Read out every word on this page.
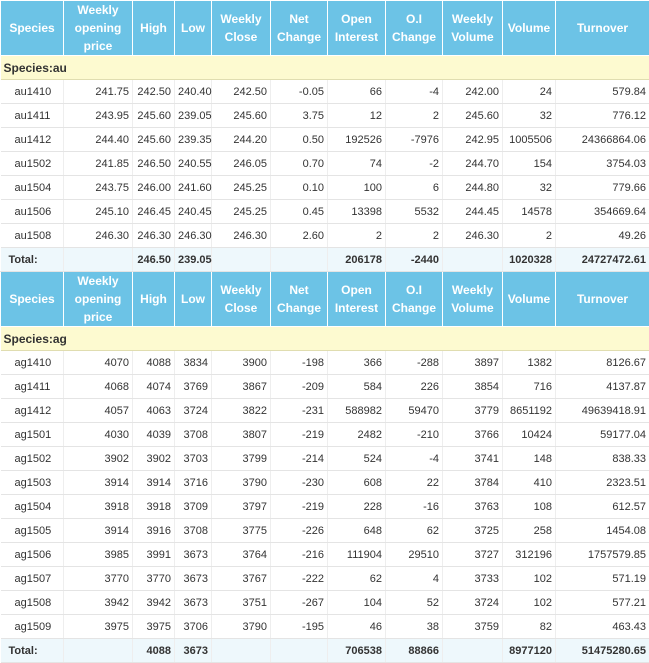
Species	Weekly opening price	High	Low	Weekly Close	Net Change	Open Interest	O.I Change	Weekly Volume	Volume	Turnover
Species:au										
au1410	241.75	242.50	240.40	242.50	-0.05	66	-4	242.00	24	579.84
au1411	243.95	245.60	239.05	245.60	3.75	12	2	245.60	32	776.12
au1412	244.40	245.60	239.35	244.20	0.50	192526	-7976	242.95	1005506	24366864.06
au1502	241.85	246.50	240.55	246.05	0.70	74	-2	244.70	154	3754.03
au1504	243.75	246.00	241.60	245.25	0.10	100	6	244.80	32	779.66
au1506	245.10	246.45	240.45	245.25	0.45	13398	5532	244.45	14578	354669.64
au1508	246.30	246.30	246.30	246.30	2.60	2	2	246.30	2	49.26
Total:		246.50	239.05			206178	-2440		1020328	24727472.61
Species	Weekly opening price	High	Low	Weekly Close	Net Change	Open Interest	O.I Change	Weekly Volume	Volume	Turnover
Species:ag										
ag1410	4070	4088	3834	3900	-198	366	-288	3897	1382	8126.67
ag1411	4068	4074	3769	3867	-209	584	226	3854	716	4137.87
ag1412	4057	4063	3724	3822	-231	588982	59470	3779	8651192	49639418.91
ag1501	4030	4039	3708	3807	-219	2482	-210	3766	10424	59177.04
ag1502	3902	3902	3703	3799	-214	524	-4	3741	148	838.33
ag1503	3914	3914	3716	3790	-230	608	22	3784	410	2323.51
ag1504	3918	3918	3709	3797	-219	228	-16	3763	108	612.57
ag1505	3914	3916	3708	3775	-226	648	62	3725	258	1454.08
ag1506	3985	3991	3673	3764	-216	111904	29510	3727	312196	1757579.85
ag1507	3770	3770	3673	3767	-222	62	4	3733	102	571.19
ag1508	3942	3942	3673	3751	-267	104	52	3724	102	577.21
ag1509	3975	3975	3706	3790	-195	46	38	3759	82	463.43
Total:		4088	3673			706538	88866		8977120	51475280.65
